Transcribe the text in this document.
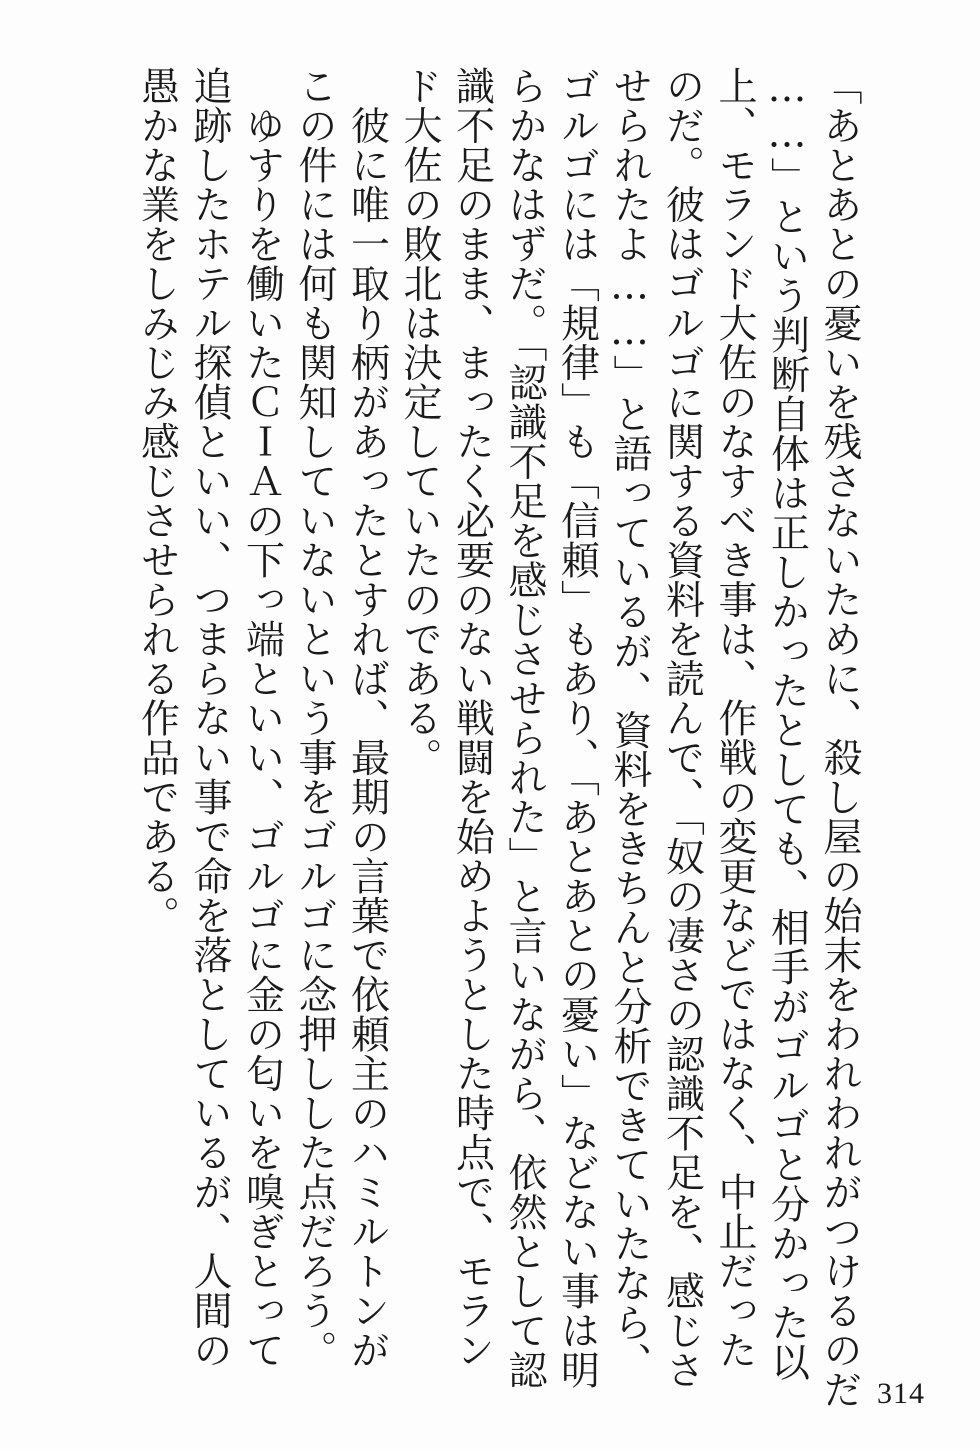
「あとあとの憂いを残さないために、殺し屋の始末をわれわれがつけるのだ
……」という判断自体は正しかったとしても、相手がゴルゴと分かった以
上、モランド大佐のなすべき事は、作戦の変更などではなく、中止だった
のだ。彼はゴルゴに関する資料を読んで、「奴の凄さの認識不足を、感じさ
せられたよ……」と語っているが、資料をきちんと分析できていたなら、
ゴルゴには「規律」も「信頼」もあり、「あとあとの憂い」などない事は明
らかなはずだ。「認識不足を感じさせられた」と言いながら、依然として認
識不足のまま、まったく必要のない戦闘を始めようとした時点で、モラン
ド大佐の敗北は決定していたのである。
　彼に唯一取り柄があったとすれば、最期の言葉で依頼主のハミルトンが
この件には何も関知していないという事をゴルゴに念押しした点だろう。
　ゆすりを働いたＣＩＡの下っ端といい、ゴルゴに金の匂いを嗅ぎとって
追跡したホテル探偵といい、つまらない事で命を落としているが、人間の
愚かな業をしみじみ感じさせられる作品である。
314
